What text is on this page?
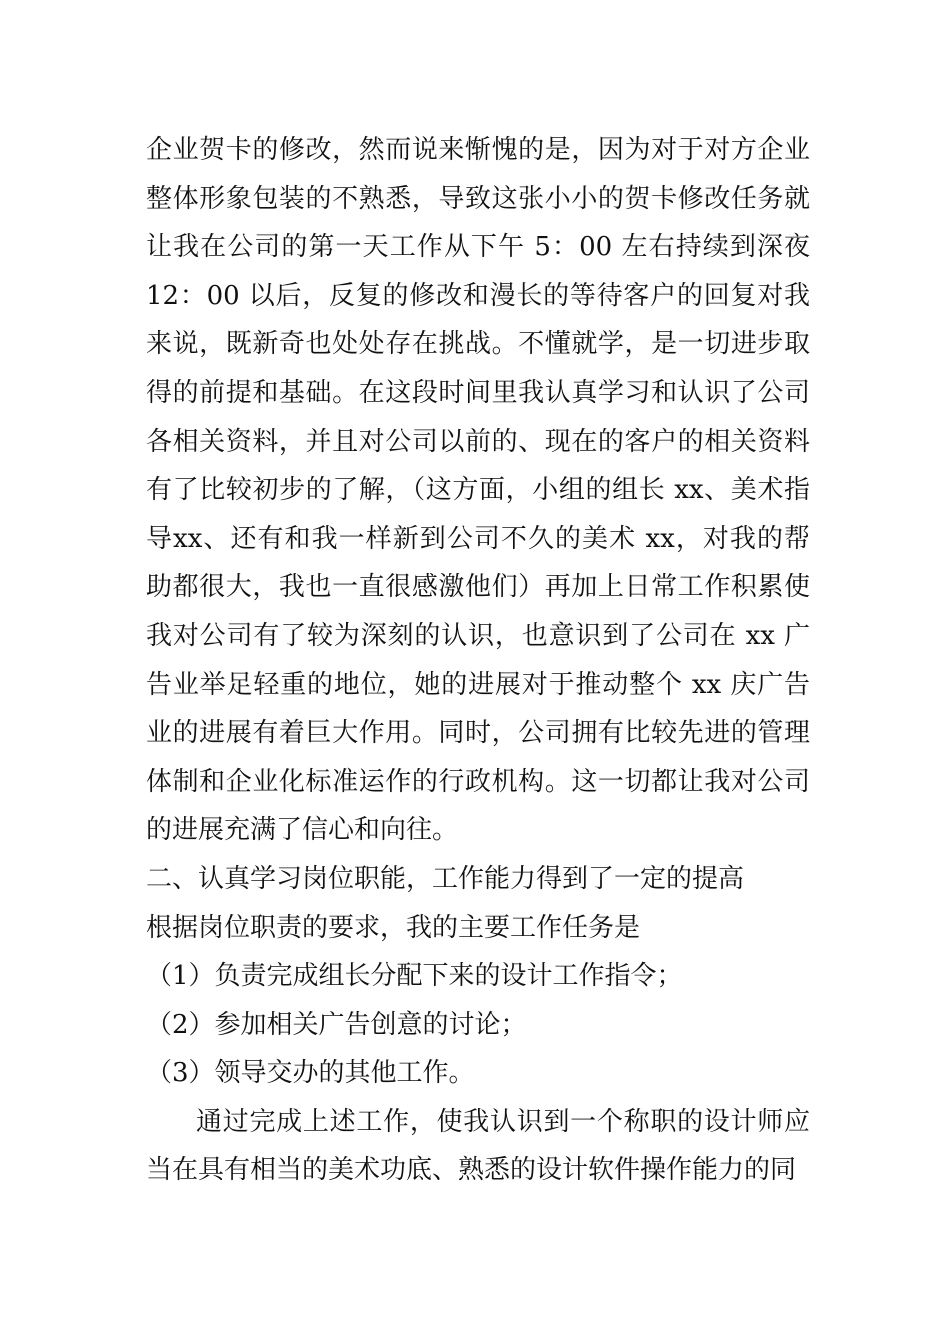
企业贺卡的修改，然而说来惭愧的是，因为对于对方企业整体形象包装的不熟悉，导致这张小小的贺卡修改任务就让我在公司的第一天工作从下午 5：00 左右持续到深夜 12：00 以后，反复的修改和漫长的等待客户的回复对我来说，既新奇也处处存在挑战。不懂就学，是一切进步取得的前提和基础。在这段时间里我认真学习和认识了公司各相关资料，并且对公司以前的、现在的客户的相关资料有了比较初步的了解，（这方面，小组的组长 xx、美术指导xx、还有和我一样新到公司不久的美术 xx，对我的帮助都很大，我也一直很感激他们）再加上日常工作积累使我对公司有了较为深刻的认识，也意识到了公司在 xx 广告业举足轻重的地位，她的进展对于推动整个 xx 庆广告业的进展有着巨大作用。同时，公司拥有比较先进的管理体制和企业化标准运作的行政机构。这一切都让我对公司的进展充满了信心和向往。

二、认真学习岗位职能，工作能力得到了一定的提高

根据岗位职责的要求，我的主要工作任务是

（1）负责完成组长分配下来的设计工作指令；

（2）参加相关广告创意的讨论；

（3）领导交办的其他工作。

通过完成上述工作，使我认识到一个称职的设计师应当在具有相当的美术功底、熟悉的设计软件操作能力的同
